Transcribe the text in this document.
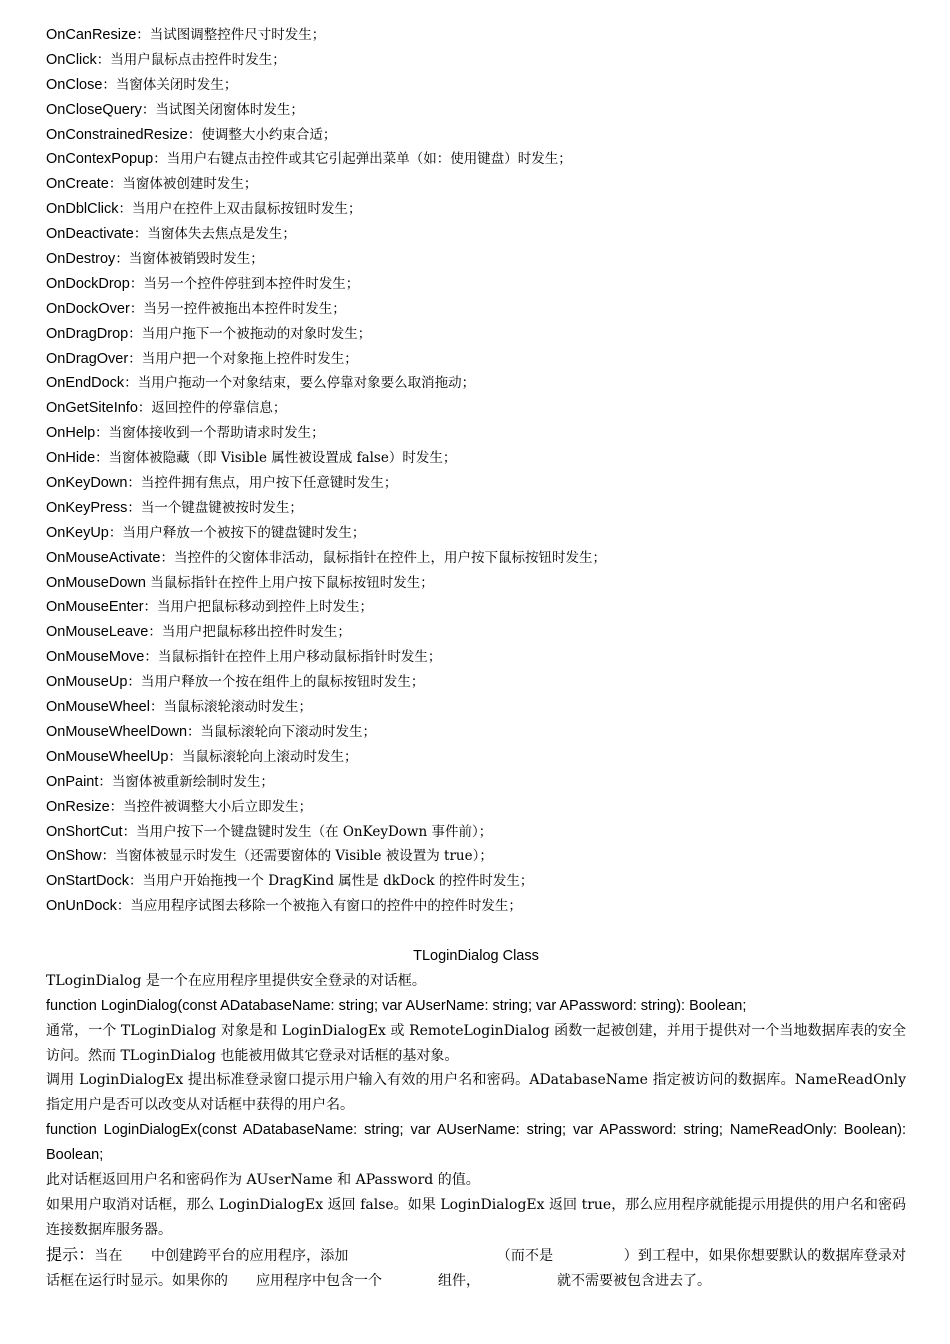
OnCanResize：当试图调整控件尺寸时发生；
OnClick：当用户鼠标点击控件时发生；
OnClose：当窗体关闭时发生；
OnCloseQuery：当试图关闭窗体时发生；
OnConstrainedResize：使调整大小约束合适；
OnContexPopup：当用户右键点击控件或其它引起弹出菜单（如：使用键盘）时发生；
OnCreate：当窗体被创建时发生；
OnDblClick：当用户在控件上双击鼠标按钮时发生；
OnDeactivate：当窗体失去焦点是发生；
OnDestroy：当窗体被销毁时发生；
OnDockDrop：当另一个控件停驻到本控件时发生；
OnDockOver：当另一控件被拖出本控件时发生；
OnDragDrop：当用户拖下一个被拖动的对象时发生；
OnDragOver：当用户把一个对象拖上控件时发生；
OnEndDock：当用户拖动一个对象结束，要么停靠对象要么取消拖动；
OnGetSiteInfo：返回控件的停靠信息；
OnHelp：当窗体接收到一个帮助请求时发生；
OnHide：当窗体被隐藏（即 Visible 属性被设置成 false）时发生；
OnKeyDown：当控件拥有焦点，用户按下任意键时发生；
OnKeyPress：当一个键盘键被按时发生；
OnKeyUp：当用户释放一个被按下的键盘键时发生；
OnMouseActivate：当控件的父窗体非活动，鼠标指针在控件上，用户按下鼠标按钮时发生；
OnMouseDown 当鼠标指针在控件上用户按下鼠标按钮时发生；
OnMouseEnter：当用户把鼠标移动到控件上时发生；
OnMouseLeave：当用户把鼠标移出控件时发生；
OnMouseMove：当鼠标指针在控件上用户移动鼠标指针时发生；
OnMouseUp：当用户释放一个按在组件上的鼠标按钮时发生；
OnMouseWheel：当鼠标滚轮滚动时发生；
OnMouseWheelDown：当鼠标滚轮向下滚动时发生；
OnMouseWheelUp：当鼠标滚轮向上滚动时发生；
OnPaint：当窗体被重新绘制时发生；
OnResize：当控件被调整大小后立即发生；
OnShortCut：当用户按下一个键盘键时发生（在 OnKeyDown 事件前）；
OnShow：当窗体被显示时发生（还需要窗体的 Visible 被设置为 true）；
OnStartDock：当用户开始拖拽一个 DragKind 属性是 dkDock 的控件时发生；
OnUnDock：当应用程序试图去移除一个被拖入有窗口的控件中的控件时发生；
TLoginDialog Class

TLoginDialog 是一个在应用程序里提供安全登录的对话框。

function LoginDialog(const ADatabaseName: string; var AUserName: string; var APassword: string): Boolean;

通常，一个 TLoginDialog 对象是和 LoginDialogEx 或 RemoteLoginDialog 函数一起被创建，并用于提供对一个当地数据库表的安全访问。然而 TLoginDialog 也能被用做其它登录对话框的基对象。

调用 LoginDialogEx 提出标准登录窗口提示用户输入有效的用户名和密码。ADatabaseName 指定被访问的数据库。NameReadOnly 指定用户是否可以改变从对话框中获得的用户名。

function LoginDialogEx(const ADatabaseName: string; var AUserName: string; var APassword: string; NameReadOnly: Boolean): Boolean;

此对话框返回用户名和密码作为 AUserName 和 APassword 的值。

如果用户取消对话框，那么 LoginDialogEx 返回 false。如果 LoginDialogEx 返回 true，那么应用程序就能提示用提供的用户名和密码连接数据库服务器。

提示：当在　　中创建跨平台的应用程序，添加　　　　　　　　　　　（而不是　　　　　）到工程中，如果你想要默认的数据库登录对话框在运行时显示。如果你的　　应用程序中包含一个　　　　组件，　　　　　　就不需要被包含进去了。
